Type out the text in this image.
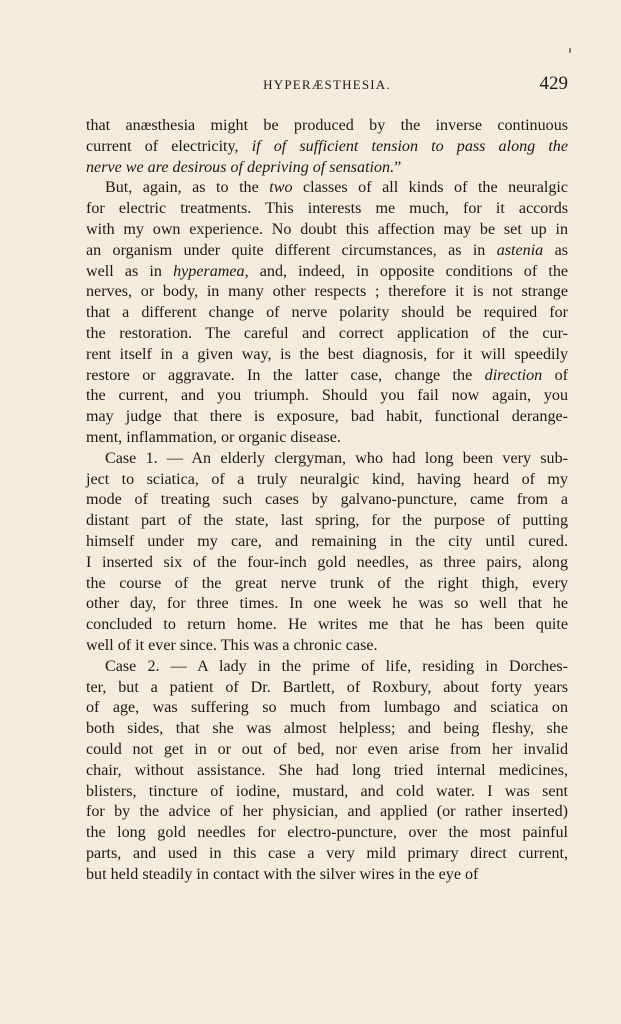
HYPERÆSTHESIA.	429
that anæsthesia might be produced by the inverse continuous
current of electricity, if of sufficient tension to pass along the
nerve we are desirous of depriving of sensation.”
But, again, as to the two classes of all kinds of the neuralgic
for electric treatments. This interests me much, for it accords
with my own experience. No doubt this affection may be set up in
an organism under quite different circumstances, as in astenia as
well as in hyperamea, and, indeed, in opposite conditions of the
nerves, or body, in many other respects ; therefore it is not strange
that a different change of nerve polarity should be required for
the restoration. The careful and correct application of the cur-
rent itself in a given way, is the best diagnosis, for it will speedily
restore or aggravate. In the latter case, change the direction of
the current, and you triumph. Should you fail now again, you
may judge that there is exposure, bad habit, functional derange-
ment, inflammation, or organic disease.
Case 1. — An elderly clergyman, who had long been very sub-
ject to sciatica, of a truly neuralgic kind, having heard of my
mode of treating such cases by galvano-puncture, came from a
distant part of the state, last spring, for the purpose of putting
himself under my care, and remaining in the city until cured.
I inserted six of the four-inch gold needles, as three pairs, along
the course of the great nerve trunk of the right thigh, every
other day, for three times. In one week he was so well that he
concluded to return home. He writes me that he has been quite
well of it ever since. This was a chronic case.
Case 2. — A lady in the prime of life, residing in Dorches-
ter, but a patient of Dr. Bartlett, of Roxbury, about forty years
of age, was suffering so much from lumbago and sciatica on
both sides, that she was almost helpless; and being fleshy, she
could not get in or out of bed, nor even arise from her invalid
chair, without assistance. She had long tried internal medicines,
blisters, tincture of iodine, mustard, and cold water. I was sent
for by the advice of her physician, and applied (or rather inserted)
the long gold needles for electro-puncture, over the most painful
parts, and used in this case a very mild primary direct current,
but held steadily in contact with the silver wires in the eye of
